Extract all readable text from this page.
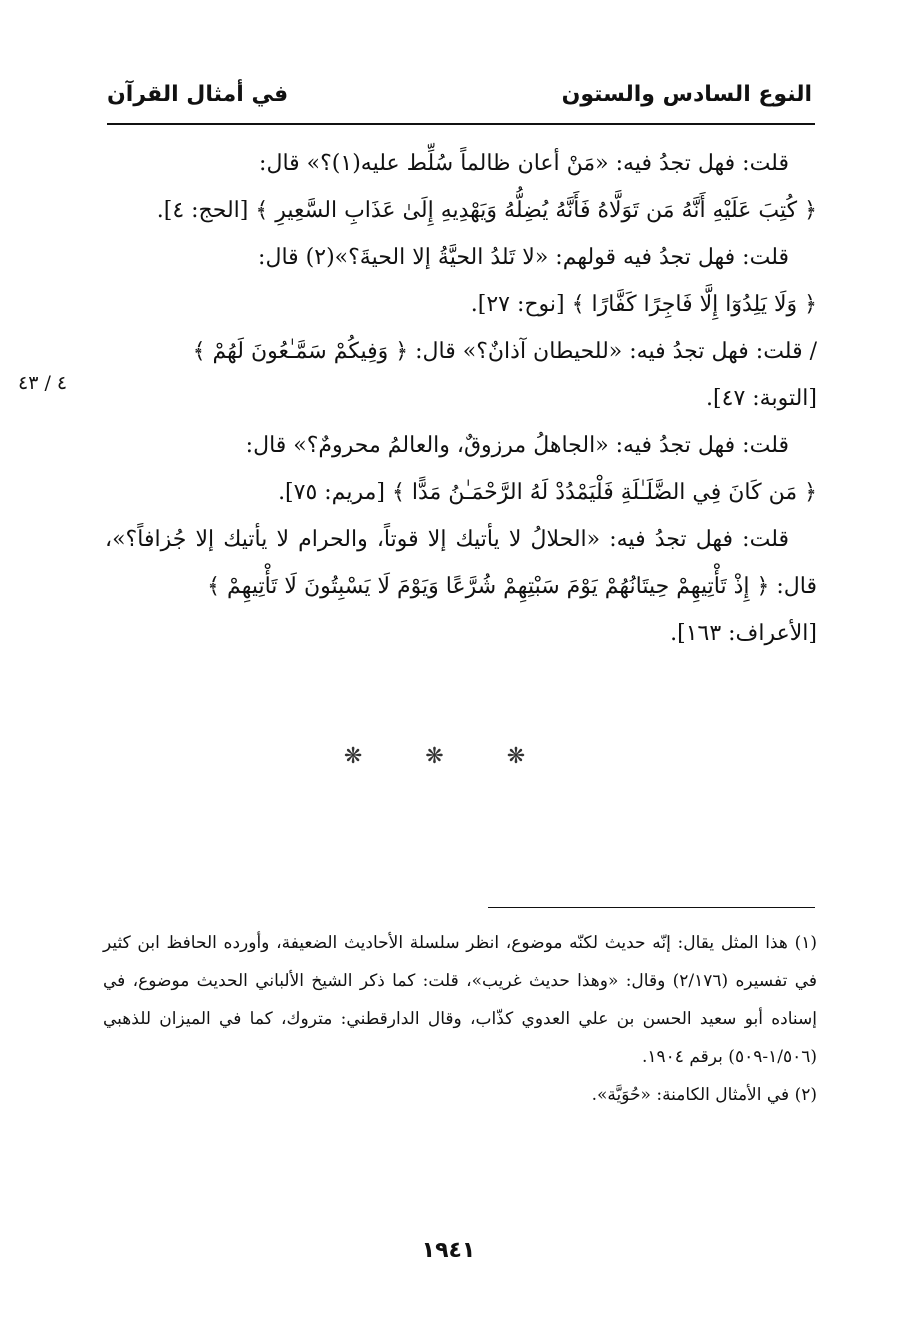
النوع السادس والستون
في أمثال القرآن

قلت: فهل تجدُ فيه: «مَنْ أعان ظالماً سُلِّط عليه(١)؟» قال:

﴿ كُتِبَ عَلَيْهِ أَنَّهُ مَن تَوَلَّاهُ فَأَنَّهُ يُضِلُّهُ وَيَهْدِيهِ إِلَىٰ عَذَابِ السَّعِيرِ ﴾ [الحج: ٤].

قلت: فهل تجدُ فيه قولهم: «لا تَلدُ الحيَّةُ إلا الحيةَ؟»(٢) قال:

﴿ وَلَا يَلِدُوٓا إِلَّا فَاجِرًا كَفَّارًا ﴾ [نوح: ٢٧].

/ قلت: فهل تجدُ فيه: «للحيطان آذانٌ؟» قال: ﴿ وَفِيكُمْ سَمَّـٰعُونَ لَهُمْ ﴾

[التوبة: ٤٧].

قلت: فهل تجدُ فيه: «الجاهلُ مرزوقٌ، والعالمُ محرومٌ؟» قال:

﴿ مَن كَانَ فِي الضَّلَـٰلَةِ فَلْيَمْدُدْ لَهُ الرَّحْمَـٰنُ مَدًّا ﴾ [مريم: ٧٥].

قلت: فهل تجدُ فيه: «الحلالُ لا يأتيك إلا قوتاً، والحرام لا يأتيك إلا جُزافاً؟»، قال: ﴿ إِذْ تَأْتِيهِمْ حِيتَانُهُمْ يَوْمَ سَبْتِهِمْ شُرَّعًا وَيَوْمَ لَا يَسْبِتُونَ لَا تَأْتِيهِمْ ﴾

[الأعراف: ١٦٣].

٤ / ٤٣
❋ ❋ ❋

(١) هذا المثل يقال: إنّه حديث لكنّه موضوع، انظر سلسلة الأحاديث الضعيفة، وأورده الحافظ ابن كثير في تفسيره (٢/١٧٦) وقال: «وهذا حديث غريب»، قلت: كما ذكر الشيخ الألباني الحديث موضوع، في إسناده أبو سعيد الحسن بن علي العدوي كذّاب، وقال الدارقطني: متروك، كما في الميزان للذهبي (١/٥٠٦-٥٠٩) برقم ١٩٠٤.

(٢) في الأمثال الكامنة: «حُوَيَّة».

١٩٤١
